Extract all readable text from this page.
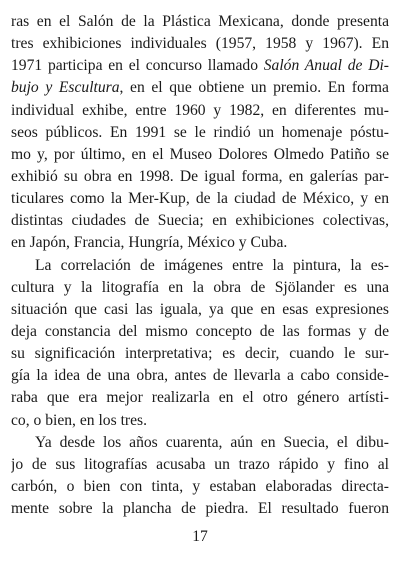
ras en el Salón de la Plástica Mexicana, donde presenta
tres exhibiciones individuales (1957, 1958 y 1967). En
1971 participa en el concurso llamado Salón Anual de Di-
bujo y Escultura, en el que obtiene un premio. En forma
individual exhibe, entre 1960 y 1982, en diferentes mu-
seos públicos. En 1991 se le rindió un homenaje póstu-
mo y, por último, en el Museo Dolores Olmedo Patiño se
exhibió su obra en 1998. De igual forma, en galerías par-
ticulares como la Mer-Kup, de la ciudad de México, y en
distintas ciudades de Suecia; en exhibiciones colectivas,
en Japón, Francia, Hungría, México y Cuba.
La correlación de imágenes entre la pintura, la es-
cultura y la litografía en la obra de Sjölander es una
situación que casi las iguala, ya que en esas expresiones
deja constancia del mismo concepto de las formas y de
su significación interpretativa; es decir, cuando le sur-
gía la idea de una obra, antes de llevarla a cabo conside-
raba que era mejor realizarla en el otro género artísti-
co, o bien, en los tres.
Ya desde los años cuarenta, aún en Suecia, el dibu-
jo de sus litografías acusaba un trazo rápido y fino al
carbón, o bien con tinta, y estaban elaboradas directa-
mente sobre la plancha de piedra. El resultado fueron
17
